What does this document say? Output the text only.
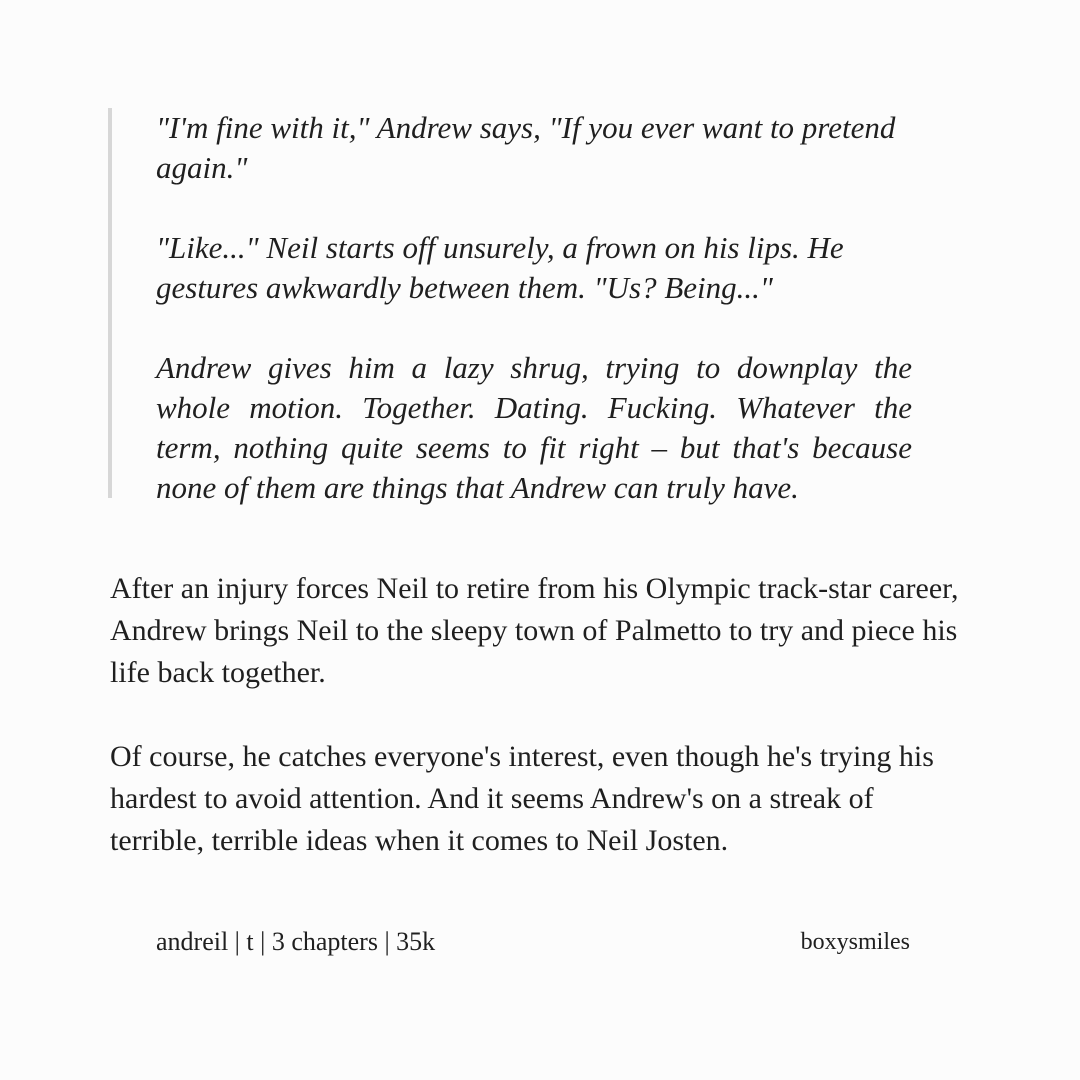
"I'm fine with it," Andrew says, "If you ever want to pretend again."

"Like..." Neil starts off unsurely, a frown on his lips. He gestures awkwardly between them. "Us? Being..."

Andrew gives him a lazy shrug, trying to downplay the whole motion. Together. Dating. Fucking. Whatever the term, nothing quite seems to fit right – but that's because none of them are things that Andrew can truly have.

After an injury forces Neil to retire from his Olympic track-star career, Andrew brings Neil to the sleepy town of Palmetto to try and piece his life back together.

Of course, he catches everyone's interest, even though he's trying his hardest to avoid attention. And it seems Andrew's on a streak of terrible, terrible ideas when it comes to Neil Josten.

andreil | t | 3 chapters | 35k	boxysmiles
